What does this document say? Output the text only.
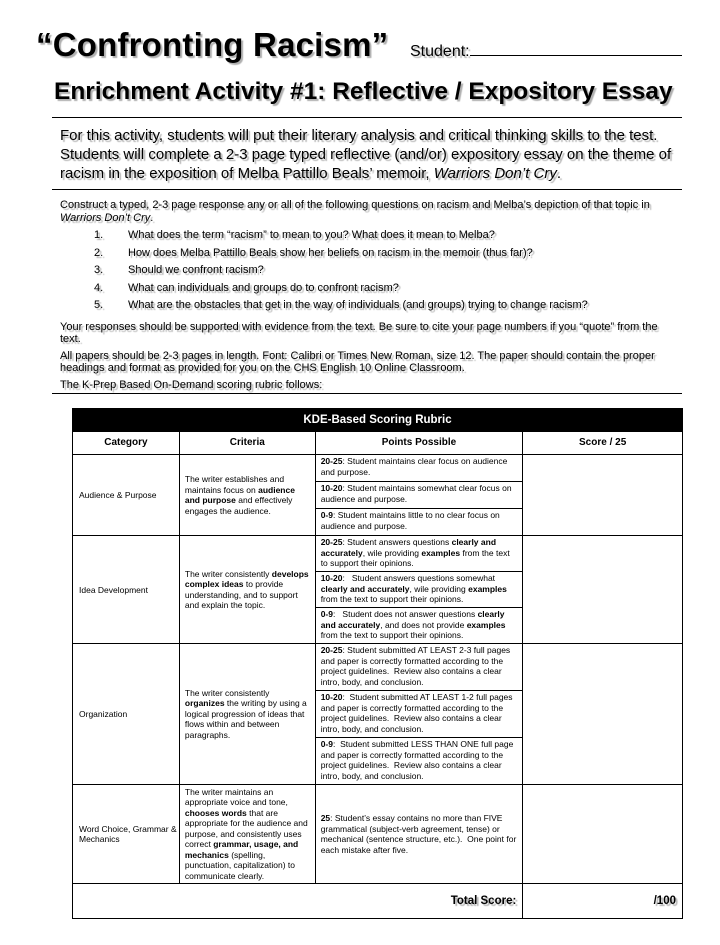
“Confronting Racism” Student:
Enrichment Activity #1: Reflective / Expository Essay
For this activity, students will put their literary analysis and critical thinking skills to the test. Students will complete a 2-3 page typed reflective (and/or) expository essay on the theme of racism in the exposition of Melba Pattillo Beals’ memoir, Warriors Don’t Cry.

Construct a typed, 2-3 page response any or all of the following questions on racism and Melba’s depiction of that topic in Warriors Don’t Cry.

1. What does the term “racism” to mean to you? What does it mean to Melba?
2. How does Melba Pattillo Beals show her beliefs on racism in the memoir (thus far)?
3. Should we confront racism?
4. What can individuals and groups do to confront racism?
5. What are the obstacles that get in the way of individuals (and groups) trying to change racism?

Your responses should be supported with evidence from the text. Be sure to cite your page numbers if you “quote” from the text.

All papers should be 2-3 pages in length. Font: Calibri or Times New Roman, size 12. The paper should contain the proper headings and format as provided for you on the CHS English 10 Online Classroom.

The K-Prep Based On-Demand scoring rubric follows:

KDE-Based Scoring Rubric			
Category	Criteria	Points Possible	Score / 25
Audience & Purpose	The writer establishes and maintains focus on audience and purpose and effectively engages the audience.	20-25: Student maintains clear focus on audience and purpose.	
		10-20: Student maintains somewhat clear focus on audience and purpose.	
		0-9: Student maintains little to no clear focus on audience and purpose.	
Idea Development	The writer consistently develops complex ideas to provide understanding, and to support and explain the topic.	20-25: Student answers questions clearly and accurately, wile providing examples from the text to support their opinions.	
		10-20:   Student answers questions somewhat clearly and accurately, wile providing examples from the text to support their opinions.	
		0-9:   Student does not answer questions clearly and accurately, and does not provide examples from the text to support their opinions.	
Organization	The writer consistently organizes the writing by using a logical progression of ideas that flows within and between paragraphs.	20-25: Student submitted AT LEAST 2-3 full pages and paper is correctly formatted according to the project guidelines.  Review also contains a clear intro, body, and conclusion.	
		10-20:  Student submitted AT LEAST 1-2 full pages and paper is correctly formatted according to the project guidelines.  Review also contains a clear intro, body, and conclusion.	
		0-9:  Student submitted LESS THAN ONE full page and paper is correctly formatted according to the project guidelines.  Review also contains a clear intro, body, and conclusion.	
Word Choice, Grammar & Mechanics	The writer maintains an appropriate voice and tone, chooses words that are appropriate for the audience and purpose, and consistently uses correct grammar, usage, and mechanics (spelling, punctuation, capitalization) to communicate clearly.	25: Student’s essay contains no more than FIVE grammatical (subject-verb agreement, tense) or mechanical (sentence structure, etc.).  One point for each mistake after five.	
Total Score:			/100
